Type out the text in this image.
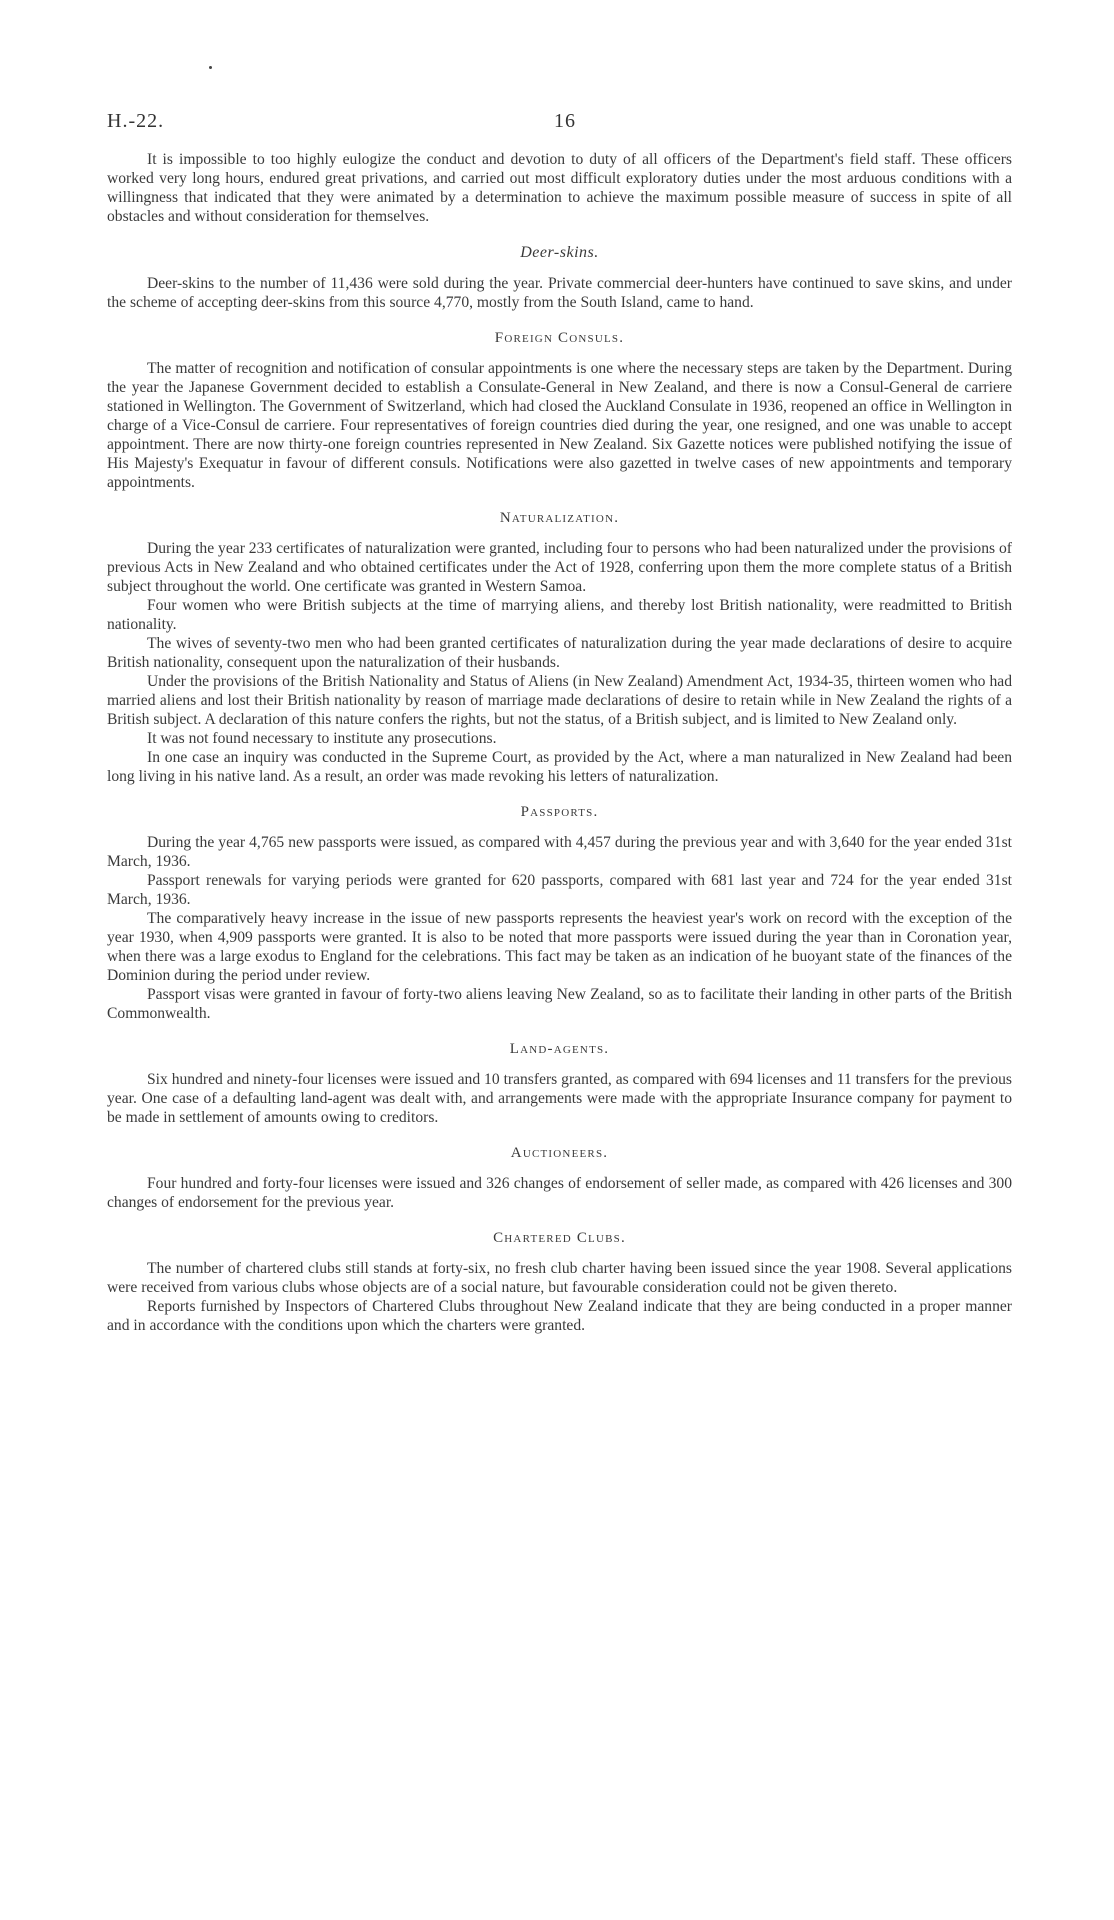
H.-22.	16

It is impossible to too highly eulogize the conduct and devotion to duty of all officers of the Department's field staff. These officers worked very long hours, endured great privations, and carried out most difficult exploratory duties under the most arduous conditions with a willingness that indicated that they were animated by a determination to achieve the maximum possible measure of success in spite of all obstacles and without consideration for themselves.

Deer-skins.

Deer-skins to the number of 11,436 were sold during the year. Private commercial deer-hunters have continued to save skins, and under the scheme of accepting deer-skins from this source 4,770, mostly from the South Island, came to hand.

Foreign Consuls.

The matter of recognition and notification of consular appointments is one where the necessary steps are taken by the Department. During the year the Japanese Government decided to establish a Consulate-General in New Zealand, and there is now a Consul-General de carriere stationed in Wellington. The Government of Switzerland, which had closed the Auckland Consulate in 1936, reopened an office in Wellington in charge of a Vice-Consul de carriere. Four representatives of foreign countries died during the year, one resigned, and one was unable to accept appointment. There are now thirty-one foreign countries represented in New Zealand. Six Gazette notices were published notifying the issue of His Majesty's Exequatur in favour of different consuls. Notifications were also gazetted in twelve cases of new appointments and temporary appointments.

Naturalization.

During the year 233 certificates of naturalization were granted, including four to persons who had been naturalized under the provisions of previous Acts in New Zealand and who obtained certificates under the Act of 1928, conferring upon them the more complete status of a British subject throughout the world. One certificate was granted in Western Samoa.

Four women who were British subjects at the time of marrying aliens, and thereby lost British nationality, were readmitted to British nationality.

The wives of seventy-two men who had been granted certificates of naturalization during the year made declarations of desire to acquire British nationality, consequent upon the naturalization of their husbands.

Under the provisions of the British Nationality and Status of Aliens (in New Zealand) Amendment Act, 1934-35, thirteen women who had married aliens and lost their British nationality by reason of marriage made declarations of desire to retain while in New Zealand the rights of a British subject. A declaration of this nature confers the rights, but not the status, of a British subject, and is limited to New Zealand only.

It was not found necessary to institute any prosecutions.

In one case an inquiry was conducted in the Supreme Court, as provided by the Act, where a man naturalized in New Zealand had been long living in his native land. As a result, an order was made revoking his letters of naturalization.

Passports.

During the year 4,765 new passports were issued, as compared with 4,457 during the previous year and with 3,640 for the year ended 31st March, 1936.

Passport renewals for varying periods were granted for 620 passports, compared with 681 last year and 724 for the year ended 31st March, 1936.

The comparatively heavy increase in the issue of new passports represents the heaviest year's work on record with the exception of the year 1930, when 4,909 passports were granted. It is also to be noted that more passports were issued during the year than in Coronation year, when there was a large exodus to England for the celebrations. This fact may be taken as an indication of he buoyant state of the finances of the Dominion during the period under review.

Passport visas were granted in favour of forty-two aliens leaving New Zealand, so as to facilitate their landing in other parts of the British Commonwealth.

Land-agents.

Six hundred and ninety-four licenses were issued and 10 transfers granted, as compared with 694 licenses and 11 transfers for the previous year. One case of a defaulting land-agent was dealt with, and arrangements were made with the appropriate Insurance company for payment to be made in settlement of amounts owing to creditors.

Auctioneers.

Four hundred and forty-four licenses were issued and 326 changes of endorsement of seller made, as compared with 426 licenses and 300 changes of endorsement for the previous year.

Chartered Clubs.

The number of chartered clubs still stands at forty-six, no fresh club charter having been issued since the year 1908. Several applications were received from various clubs whose objects are of a social nature, but favourable consideration could not be given thereto.

Reports furnished by Inspectors of Chartered Clubs throughout New Zealand indicate that they are being conducted in a proper manner and in accordance with the conditions upon which the charters were granted.
